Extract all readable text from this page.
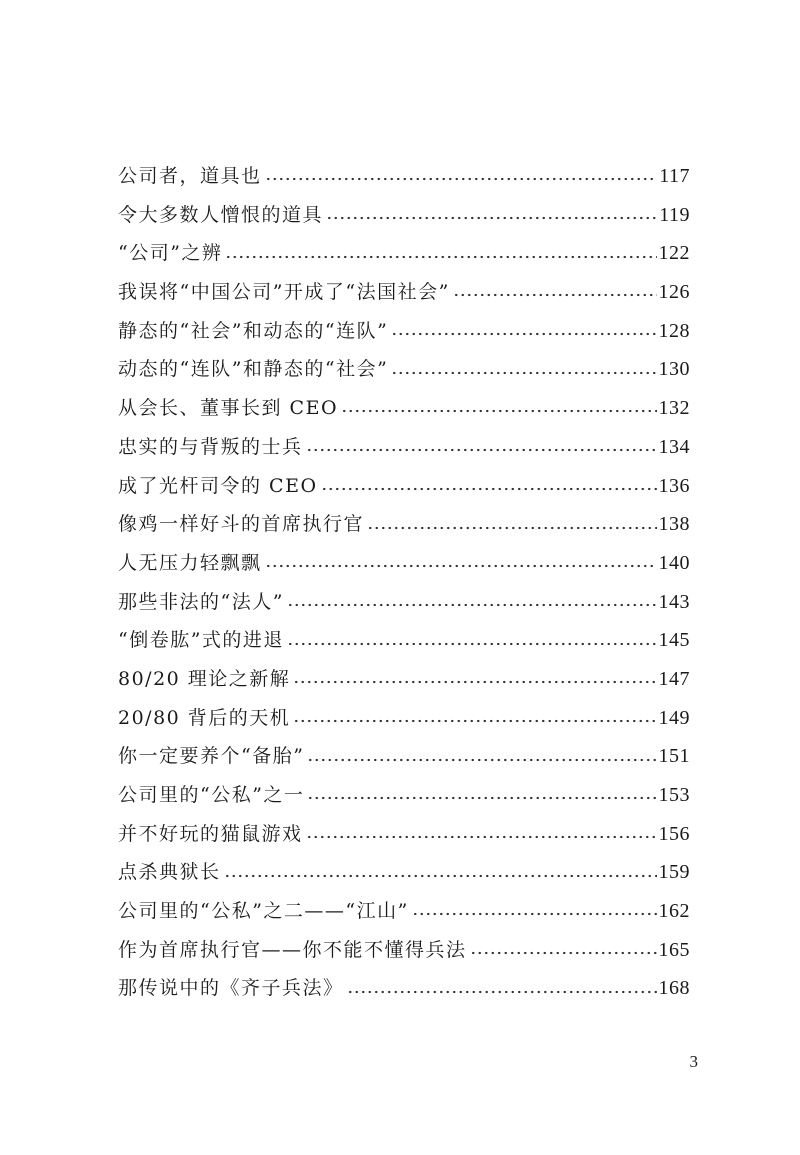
公司者，道具也	117
令大多数人憎恨的道具	119
“公司”之辨	122
我误将“中国公司”开成了“法国社会”	126
静态的“社会”和动态的“连队”	128
动态的“连队”和静态的“社会”	130
从会长、董事长到 CEO	132
忠实的与背叛的士兵	134
成了光杆司令的 CEO	136
像鸡一样好斗的首席执行官	138
人无压力轻飘飘	140
那些非法的“法人”	143
“倒卷肱”式的进退	145
80/20 理论之新解	147
20/80 背后的天机	149
你一定要养个“备胎”	151
公司里的“公私”之一	153
并不好玩的猫鼠游戏	156
点杀典狱长	159
公司里的“公私”之二——“江山”	162
作为首席执行官——你不能不懂得兵法	165
那传说中的《齐子兵法》	168
3
